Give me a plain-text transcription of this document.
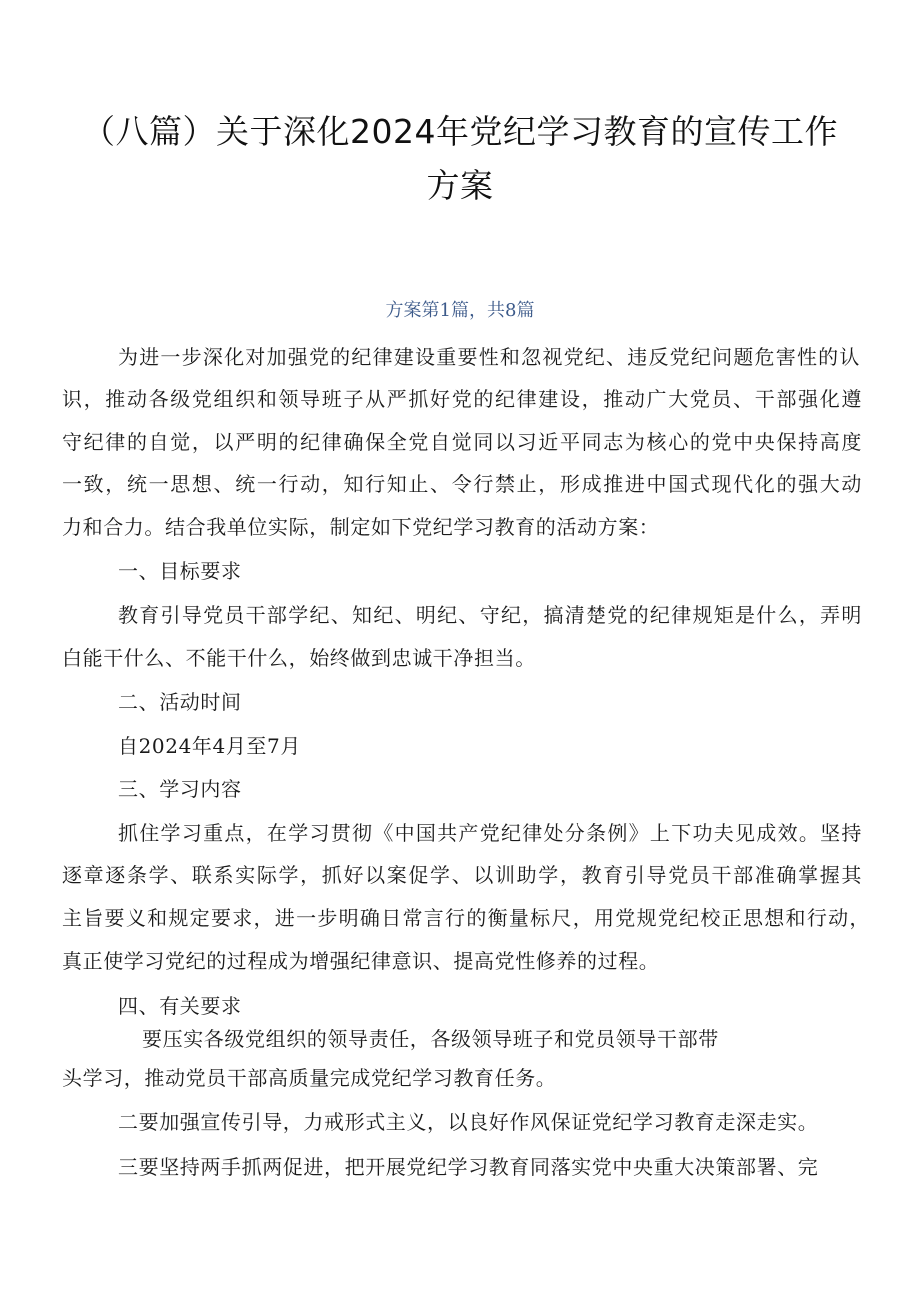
（八篇）关于深化2024年党纪学习教育的宣传工作
方案
方案第1篇，共8篇
为进一步深化对加强党的纪律建设重要性和忽视党纪、违反党纪问题危害性的认
识，推动各级党组织和领导班子从严抓好党的纪律建设，推动广大党员、干部强化遵
守纪律的自觉，以严明的纪律确保全党自觉同以习近平同志为核心的党中央保持高度
一致，统一思想、统一行动，知行知止、令行禁止，形成推进中国式现代化的强大动
力和合力。结合我单位实际，制定如下党纪学习教育的活动方案：
一、目标要求
教育引导党员干部学纪、知纪、明纪、守纪，搞清楚党的纪律规矩是什么，弄明
白能干什么、不能干什么，始终做到忠诚干净担当。
二、活动时间
自2024年4月至7月
三、学习内容
抓住学习重点，在学习贯彻《中国共产党纪律处分条例》上下功夫见成效。坚持
逐章逐条学、联系实际学，抓好以案促学、以训助学，教育引导党员干部准确掌握其
主旨要义和规定要求，进一步明确日常言行的衡量标尺，用党规党纪校正思想和行动，
真正使学习党纪的过程成为增强纪律意识、提高党性修养的过程。
四、有关要求
要压实各级党组织的领导责任，各级领导班子和党员领导干部带
头学习，推动党员干部高质量完成党纪学习教育任务。
二要加强宣传引导，力戒形式主义，以良好作风保证党纪学习教育走深走实。
三要坚持两手抓两促进，把开展党纪学习教育同落实党中央重大决策部署、完
